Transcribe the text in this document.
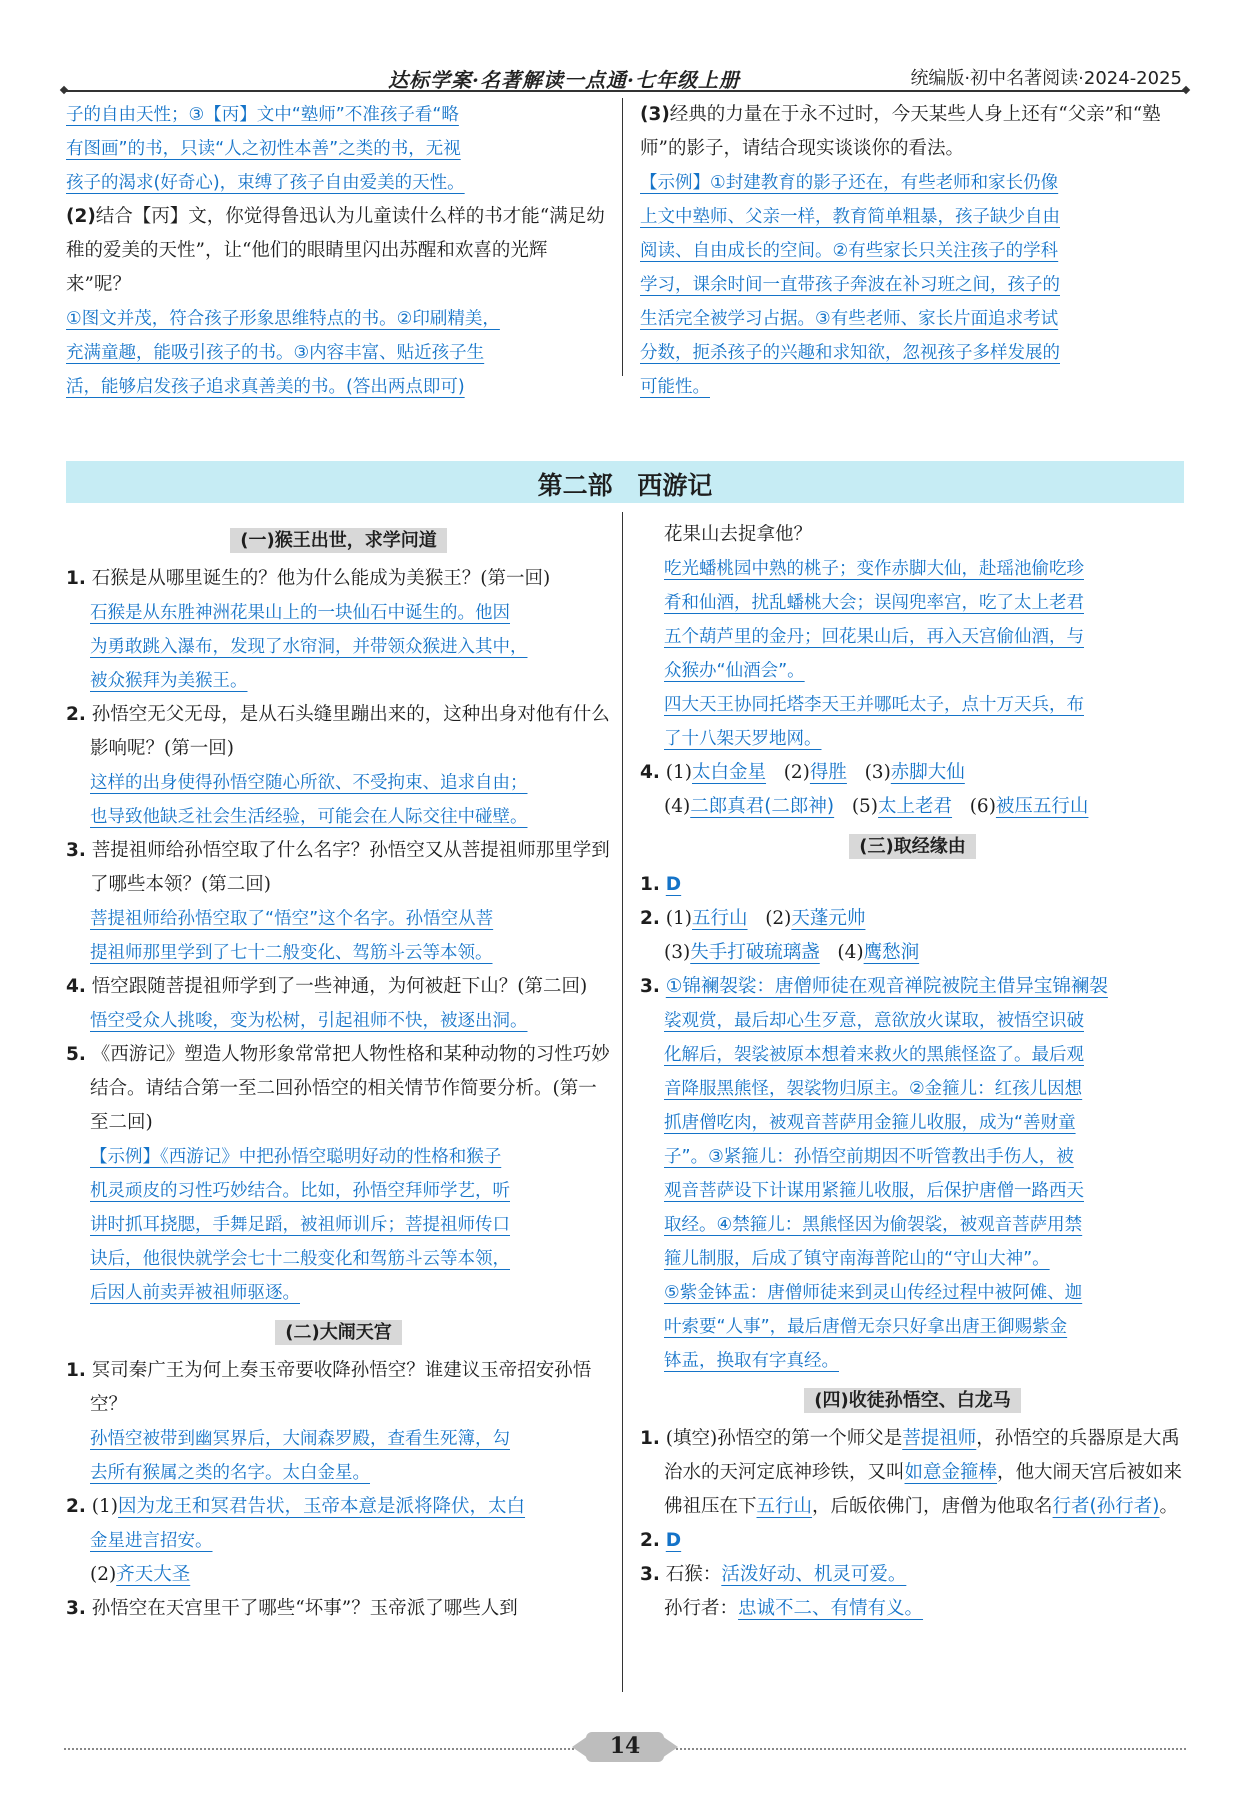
达标学案·名著解读一点通·七年级上册	统编版·初中名著阅读·2024-2025

子的自由天性；③【丙】文中“塾师”不准孩子看“略

有图画”的书，只读“人之初性本善”之类的书，无视

孩子的渴求(好奇心)，束缚了孩子自由爱美的天性。

(2)结合【丙】文，你觉得鲁迅认为儿童读什么样的书才能“满足幼稚的爱美的天性”，让“他们的眼睛里闪出苏醒和欢喜的光辉来”呢？

①图文并茂，符合孩子形象思维特点的书。②印刷精美，

充满童趣，能吸引孩子的书。③内容丰富、贴近孩子生

活，能够启发孩子追求真善美的书。(答出两点即可)

(3)经典的力量在于永不过时，今天某些人身上还有“父亲”和“塾师”的影子，请结合现实谈谈你的看法。

【示例】①封建教育的影子还在，有些老师和家长仍像

上文中塾师、父亲一样，教育简单粗暴，孩子缺少自由

阅读、自由成长的空间。②有些家长只关注孩子的学科

学习，课余时间一直带孩子奔波在补习班之间，孩子的

生活完全被学习占据。③有些老师、家长片面追求考试

分数，扼杀孩子的兴趣和求知欲，忽视孩子多样发展的

可能性。

第二部 西游记
(一)猴王出世，求学问道

1. 石猴是从哪里诞生的？他为什么能成为美猴王？(第一回)

石猴是从东胜神洲花果山上的一块仙石中诞生的。他因

为勇敢跳入瀑布，发现了水帘洞，并带领众猴进入其中，

被众猴拜为美猴王。

2. 孙悟空无父无母，是从石头缝里蹦出来的，这种出身对他有什么影响呢？(第一回)

这样的出身使得孙悟空随心所欲、不受拘束、追求自由；

也导致他缺乏社会生活经验，可能会在人际交往中碰壁。

3. 菩提祖师给孙悟空取了什么名字？孙悟空又从菩提祖师那里学到了哪些本领？(第二回)

菩提祖师给孙悟空取了“悟空”这个名字。孙悟空从菩

提祖师那里学到了七十二般变化、驾筋斗云等本领。

4. 悟空跟随菩提祖师学到了一些神通，为何被赶下山？(第二回)

悟空受众人挑唆，变为松树，引起祖师不快，被逐出洞。

5. 《西游记》塑造人物形象常常把人物性格和某种动物的习性巧妙结合。请结合第一至二回孙悟空的相关情节作简要分析。(第一至二回)

【示例】《西游记》中把孙悟空聪明好动的性格和猴子

机灵顽皮的习性巧妙结合。比如，孙悟空拜师学艺，听

讲时抓耳挠腮，手舞足蹈，被祖师训斥；菩提祖师传口

诀后，他很快就学会七十二般变化和驾筋斗云等本领，

后因人前卖弄被祖师驱逐。

(二)大闹天宫

1. 冥司秦广王为何上奏玉帝要收降孙悟空？谁建议玉帝招安孙悟空？

孙悟空被带到幽冥界后，大闹森罗殿，查看生死簿，勾

去所有猴属之类的名字。太白金星。

2. (1)因为龙王和冥君告状，玉帝本意是派将降伏，太白

金星进言招安。

(2)齐天大圣

3. 孙悟空在天宫里干了哪些“坏事”？玉帝派了哪些人到

花果山去捉拿他？

吃光蟠桃园中熟的桃子；变作赤脚大仙，赴瑶池偷吃珍

肴和仙酒，扰乱蟠桃大会；误闯兜率宫，吃了太上老君

五个葫芦里的金丹；回花果山后，再入天宫偷仙酒，与

众猴办“仙酒会”。

四大天王协同托塔李天王并哪吒太子，点十万天兵，布

了十八架天罗地网。

4. (1)太白金星 (2)得胜 (3)赤脚大仙

(4)二郎真君(二郎神) (5)太上老君 (6)被压五行山

(三)取经缘由

1. D

2. (1)五行山 (2)天蓬元帅

(3)失手打破琉璃盏 (4)鹰愁涧

3. ①锦襕袈裟：唐僧师徒在观音禅院被院主借异宝锦襕袈

裟观赏，最后却心生歹意，意欲放火谋取，被悟空识破

化解后，袈裟被原本想着来救火的黑熊怪盗了。最后观

音降服黑熊怪，袈裟物归原主。②金箍儿：红孩儿因想

抓唐僧吃肉，被观音菩萨用金箍儿收服，成为“善财童

子”。③紧箍儿：孙悟空前期因不听管教出手伤人，被

观音菩萨设下计谋用紧箍儿收服，后保护唐僧一路西天

取经。④禁箍儿：黑熊怪因为偷袈裟，被观音菩萨用禁

箍儿制服，后成了镇守南海普陀山的“守山大神”。

⑤紫金钵盂：唐僧师徒来到灵山传经过程中被阿傩、迦

叶索要“人事”，最后唐僧无奈只好拿出唐王御赐紫金

钵盂，换取有字真经。

(四)收徒孙悟空、白龙马

1. (填空)孙悟空的第一个师父是菩提祖师，孙悟空的兵器原是大禹治水的天河定底神珍铁，又叫如意金箍棒，他大闹天宫后被如来佛祖压在下五行山，后皈依佛门，唐僧为他取名行者(孙行者)。

2. D

3. 石猴：活泼好动、机灵可爱。

孙行者：忠诚不二、有情有义。

14
